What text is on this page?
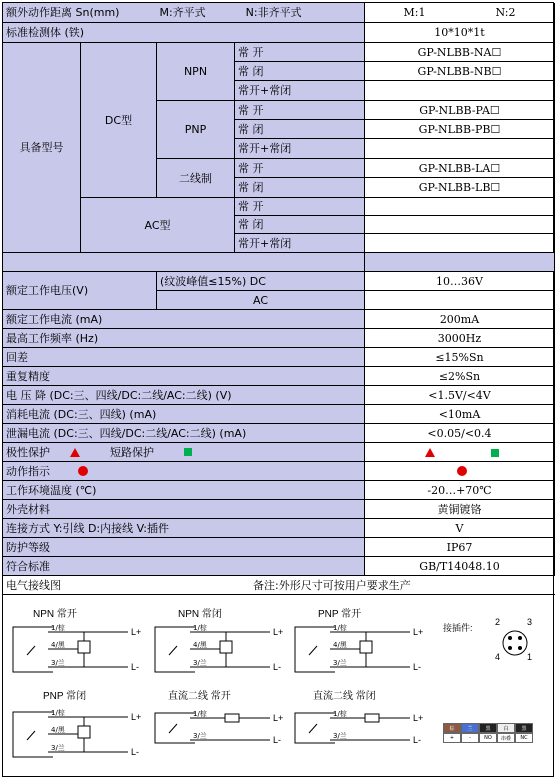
额外动作距离 Sn(mm)	M:齐平式	N:非齐平式	M:1	N:2
标准检测体 (铁)	10*10*1t
具备型号
DC型
NPN
PNP
二线制
AC型
常 开	GP-NLBB-NA☐
常 闭	GP-NLBB-NB☐
常开+常闭
常 开	GP-NLBB-PA☐
常 闭	GP-NLBB-PB☐
常开+常闭
常 开	GP-NLBB-LA☐
常 闭	GP-NLBB-LB☐
常 开
常 闭
常开+常闭
额定工作电压(V)
(纹波峰值≤15%) DC	10…36V
AC
额定工作电流 (mA)	200mA
最高工作频率 (Hz)	3000Hz
回差	≤15%Sn
重复精度	≤2%Sn
电 压 降 (DC:三、四线/DC:二线/AC:二线) (V)	<1.5V/<4V
消耗电流 (DC:三、四线) (mA)	<10mA
泄漏电流 (DC:三、四线/DC:二线/AC:二线) (mA)	<0.05/<0.4
极性保护	短路保护
动作指示
工作环境温度 (℃)	-20…+70℃
外壳材料	黄铜镀铬
连接方式 Y:引线 D:内接线 V:插件	V
防护等级	IP67
符合标准	GB/T14048.10
电气接线图	备注:外形尺寸可按用户要求生产
NPN 常开	NPN 常闭	PNP 常开
PNP 常闭	直流二线 常开	直流二线 常闭
接插件:
2	3
4	1
1/棕
4/黑
3/兰
L+
L-
1/棕
4/黑
3/兰
L+
L-
1/棕
4/黑
3/兰
L+
L-
1/棕
4/黑
3/兰
L+
L-
1/棕
3/兰
L+
L-
1/棕
3/兰
L+
L-
棕
+
兰
-
黑
NO
白
串叠
黑
NC
